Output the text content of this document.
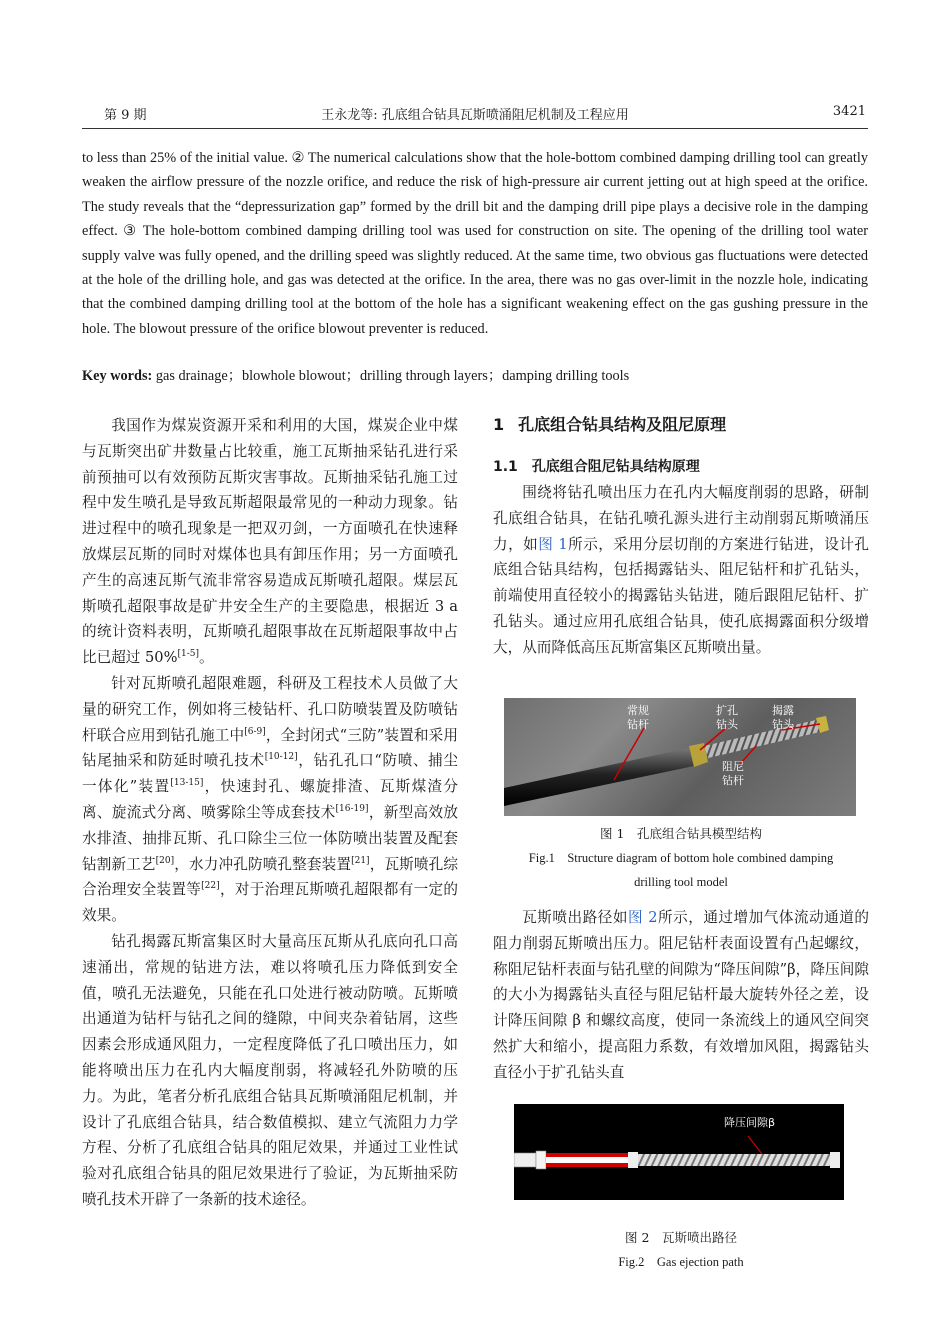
第 9 期	王永龙等: 孔底组合钻具瓦斯喷涌阻尼机制及工程应用	3421
to less than 25% of the initial value. ② The numerical calculations show that the hole-bottom combined damping drilling tool can greatly weaken the airflow pressure of the nozzle orifice, and reduce the risk of high-pressure air current jetting out at high speed at the orifice. The study reveals that the “depressurization gap” formed by the drill bit and the damping drill pipe plays a decisive role in the damping effect. ③ The hole-bottom combined damping drilling tool was used for construction on site. The opening of the drilling tool water supply valve was fully opened, and the drilling speed was slightly reduced. At the same time, two obvious gas fluctuations were detected at the hole of the drilling hole, and gas was detected at the orifice. In the area, there was no gas over-limit in the nozzle hole, indicating that the combined damping drilling tool at the bottom of the hole has a significant weakening effect on the gas gushing pressure in the hole. The blowout pressure of the orifice blowout preventer is reduced.
Key words: gas drainage；blowhole blowout；drilling through layers；damping drilling tools

我国作为煤炭资源开采和利用的大国，煤炭企业中煤与瓦斯突出矿井数量占比较重，施工瓦斯抽采钻孔进行采前预抽可以有效预防瓦斯灾害事故。瓦斯抽采钻孔施工过程中发生喷孔是导致瓦斯超限最常见的一种动力现象。钻进过程中的喷孔现象是一把双刃剑，一方面喷孔在快速释放煤层瓦斯的同时对煤体也具有卸压作用；另一方面喷孔产生的高速瓦斯气流非常容易造成瓦斯喷孔超限。煤层瓦斯喷孔超限事故是矿井安全生产的主要隐患，根据近 3 a 的统计资料表明，瓦斯喷孔超限事故在瓦斯超限事故中占比已超过 50%[1-5]。

针对瓦斯喷孔超限难题，科研及工程技术人员做了大量的研究工作，例如将三棱钻杆、孔口防喷装置及防喷钻杆联合应用到钻孔施工中[6-9]，全封闭式“三防”装置和采用钻尾抽采和防延时喷孔技术[10-12]，钻孔孔口“防喷、捕尘一体化”装置[13-15]，快速封孔、螺旋排渣、瓦斯煤渣分离、旋流式分离、喷雾除尘等成套技术[16-19]，新型高效放水排渣、抽排瓦斯、孔口除尘三位一体防喷出装置及配套钻割新工艺[20]，水力冲孔防喷孔整套装置[21]，瓦斯喷孔综合治理安全装置等[22]，对于治理瓦斯喷孔超限都有一定的效果。

钻孔揭露瓦斯富集区时大量高压瓦斯从孔底向孔口高速涌出，常规的钻进方法，难以将喷孔压力降低到安全值，喷孔无法避免，只能在孔口处进行被动防喷。瓦斯喷出通道为钻杆与钻孔之间的缝隙，中间夹杂着钻屑，这些因素会形成通风阻力，一定程度降低了孔口喷出压力，如能将喷出压力在孔内大幅度削弱，将减轻孔外防喷的压力。为此，笔者分析孔底组合钻具瓦斯喷涌阻尼机制，并设计了孔底组合钻具，结合数值模拟、建立气流阻力力学方程、分析了孔底组合钻具的阻尼效果，并通过工业性试验对孔底组合钻具的阻尼效果进行了验证，为瓦斯抽采防喷孔技术开辟了一条新的技术途径。

1 孔底组合钻具结构及阻尼原理
1.1 孔底组合阻尼钻具结构原理

围绕将钻孔喷出压力在孔内大幅度削弱的思路，研制孔底组合钻具，在钻孔喷孔源头进行主动削弱瓦斯喷涌压力，如图 1所示，采用分层切削的方案进行钻进，设计孔底组合钻具结构，包括揭露钻头、阻尼钻杆和扩孔钻头，前端使用直径较小的揭露钻头钻进，随后跟阻尼钻杆、扩孔钻头。通过应用孔底组合钻具，使孔底揭露面积分级增大，从而降低高压瓦斯富集区瓦斯喷出量。

常规
钻杆
扩孔
钻头
揭露
钻头
阻尼
钻杆
图 1　孔底组合钻具模型结构
Fig.1　Structure diagram of bottom hole combined damping
drilling tool model

瓦斯喷出路径如图 2所示，通过增加气体流动通道的阻力削弱瓦斯喷出压力。阻尼钻杆表面设置有凸起螺纹，称阻尼钻杆表面与钻孔壁的间隙为“降压间隙”β，降压间隙的大小为揭露钻头直径与阻尼钻杆最大旋转外径之差，设计降压间隙 β 和螺纹高度，使同一条流线上的通风空间突然扩大和缩小，提高阻力系数，有效增加风阻，揭露钻头直径小于扩孔钻头直

降压间隙β
图 2　瓦斯喷出路径
Fig.2　Gas ejection path
